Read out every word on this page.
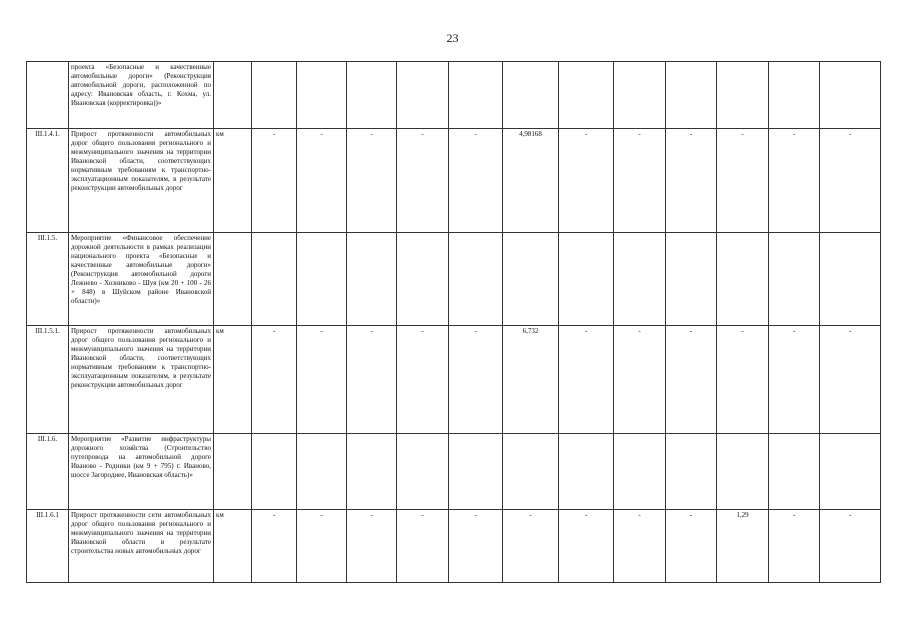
23
	проекта «Безопасные и качественные автомобильные дороги» (Реконструкция автомобильной дороги, расположенной по адресу: Ивановская область, г. Кохма, ул. Ивановская (корректировка))»													
III.1.4.1.	Прирост протяженности автомобильных дорог общего пользования регионального и межмуниципального значения на территории Ивановской области, соответствующих нормативным требованиям к транспортно-эксплуатационным показателям, в результате реконструкции автомобильных дорог	км	-	-	-	-	-	4,98168	-	-	-	-	-	-
III.1.5.	Мероприятие «Финансовое обеспечение дорожной деятельности в рамках реализации национального проекта «Безопасные и качественные автомобильные дороги» (Реконструкция автомобильной дороги Лежнево - Хозниково - Шуя (км 20 + 100 - 26 + 848) в Шуйском районе Ивановской области)»													
III.1.5.1.	Прирост протяженности автомобильных дорог общего пользования регионального и межмуниципального значения на территории Ивановской области, соответствующих нормативным требованиям к транспортно-эксплуатационным показателям, в результате реконструкции автомобильных дорог	км	-	-	-	-	-	6,732	-	-	-	-	-	-
III.1.6.	Мероприятие «Развитие инфраструктуры дорожного хозяйства (Строительство путепровода на автомобильной дороге Иваново - Родники (км 9 + 795) г. Иваново, шоссе Загороднее, Ивановская область)»													
III.1.6.1	Прирост протяженности сети автомобильных дорог общего пользования регионального и межмуниципального значения на территории Ивановской области в результате строительства новых автомобильных дорог	км	-	-	-	-	-	-	-	-	-	1,29	-	-
